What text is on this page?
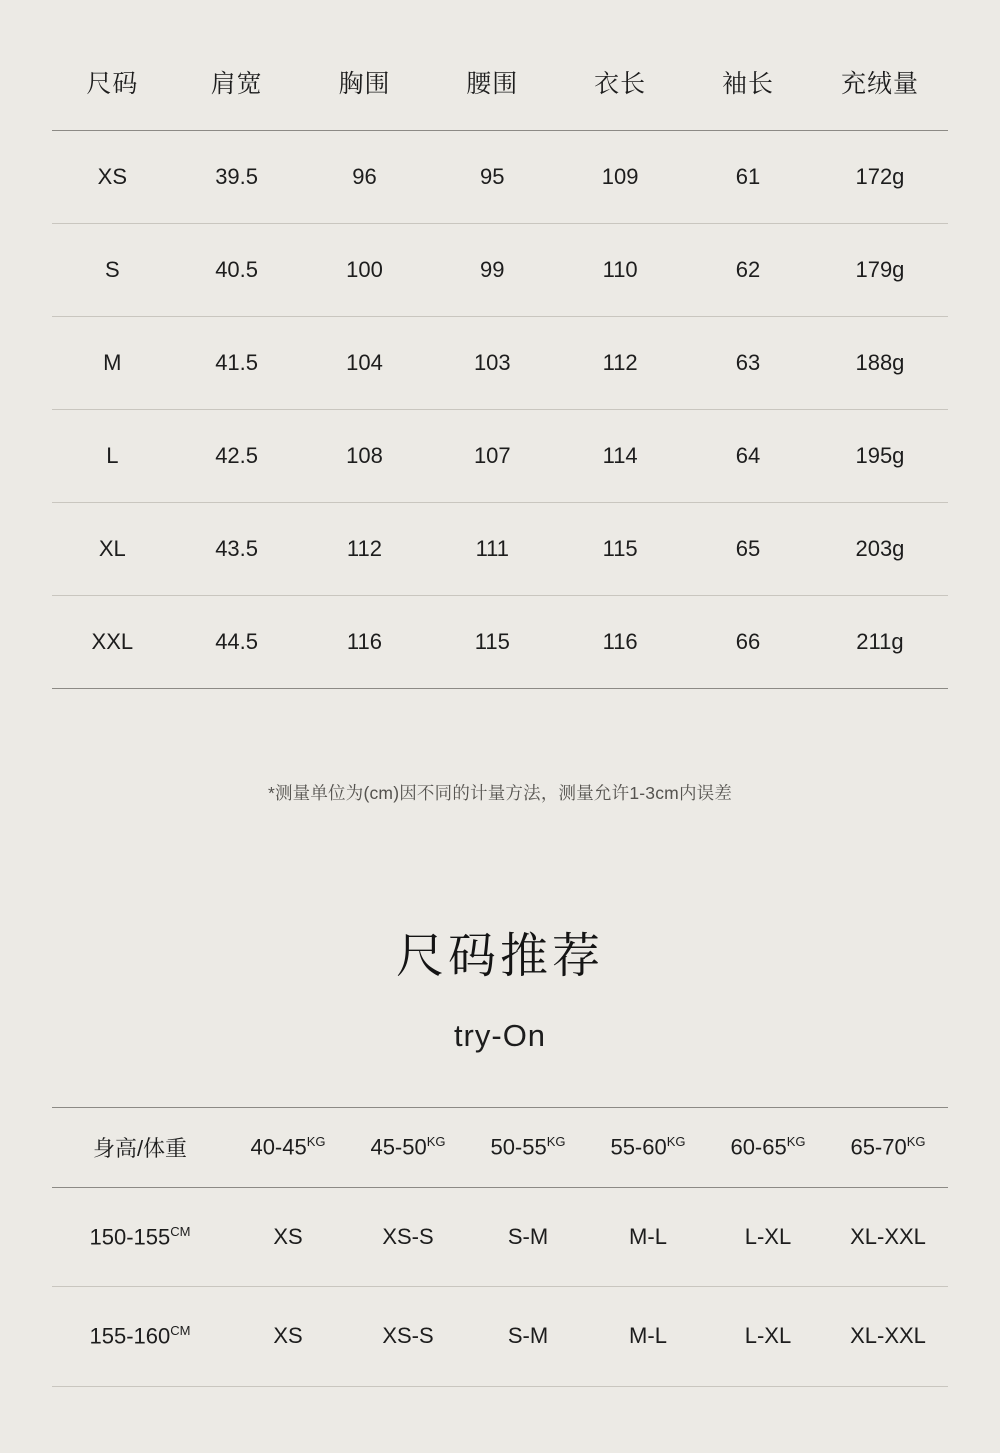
尺码	肩宽	胸围	腰围	衣长	袖长	充绒量
XS	39.5	96	95	109	61	172g
S	40.5	100	99	110	62	179g
M	41.5	104	103	112	63	188g
L	42.5	108	107	114	64	195g
XL	43.5	112	111	115	65	203g
XXL	44.5	116	115	116	66	211g
*测量单位为(cm)因不同的计量方法，测量允许1-3cm内误差
尺码推荐
try-On
身高/体重	$40-45^{KG}$	$45-50^{KG}$	$50-55^{KG}$	$55-60^{KG}$	$60-65^{KG}$	$65-70^{KG}$
$150-155^{CM}$	XS	XS-S	S-M	M-L	L-XL	XL-XXL
$155-160^{CM}$	XS	XS-S	S-M	M-L	L-XL	XL-XXL
